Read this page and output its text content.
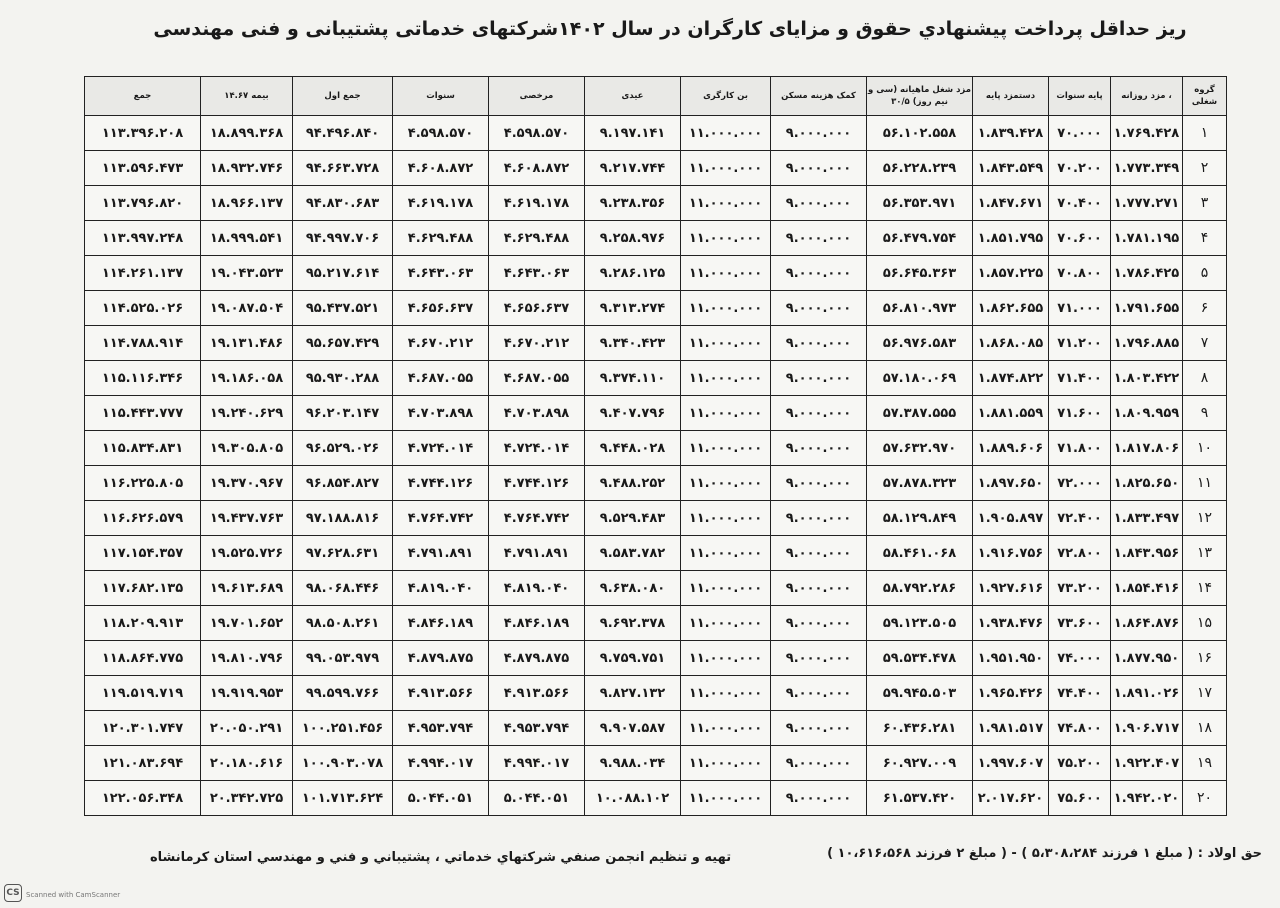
ریز حداقل پرداخت پیشنهادي حقوق و مزایای کارگران در سال ۱۴۰۲شرکتهای خدماتی پشتیبانی و فنی مهندسی
گروه شغلی	، مزد روزانه	پایه سنوات	دستمزد پایه	مزد شغل ماهیانه (سی و نیم روز) ۳۰/۵	کمک هزینه مسکن	بن کارگری	عیدی	مرخصی	سنوات	جمع اول	بیمه ۱۴.۶۷	جمع
۱	۱.۷۶۹.۴۲۸	۷۰.۰۰۰	۱.۸۳۹.۴۲۸	۵۶.۱۰۲.۵۵۸	۹.۰۰۰.۰۰۰	۱۱.۰۰۰.۰۰۰	۹.۱۹۷.۱۴۱	۴.۵۹۸.۵۷۰	۴.۵۹۸.۵۷۰	۹۴.۴۹۶.۸۴۰	۱۸.۸۹۹.۳۶۸	۱۱۳.۳۹۶.۲۰۸
۲	۱.۷۷۳.۳۴۹	۷۰.۲۰۰	۱.۸۴۳.۵۴۹	۵۶.۲۲۸.۲۳۹	۹.۰۰۰.۰۰۰	۱۱.۰۰۰.۰۰۰	۹.۲۱۷.۷۴۴	۴.۶۰۸.۸۷۲	۴.۶۰۸.۸۷۲	۹۴.۶۶۳.۷۲۸	۱۸.۹۳۲.۷۴۶	۱۱۳.۵۹۶.۴۷۳
۳	۱.۷۷۷.۲۷۱	۷۰.۴۰۰	۱.۸۴۷.۶۷۱	۵۶.۳۵۳.۹۷۱	۹.۰۰۰.۰۰۰	۱۱.۰۰۰.۰۰۰	۹.۲۳۸.۳۵۶	۴.۶۱۹.۱۷۸	۴.۶۱۹.۱۷۸	۹۴.۸۳۰.۶۸۳	۱۸.۹۶۶.۱۳۷	۱۱۳.۷۹۶.۸۲۰
۴	۱.۷۸۱.۱۹۵	۷۰.۶۰۰	۱.۸۵۱.۷۹۵	۵۶.۴۷۹.۷۵۴	۹.۰۰۰.۰۰۰	۱۱.۰۰۰.۰۰۰	۹.۲۵۸.۹۷۶	۴.۶۲۹.۴۸۸	۴.۶۲۹.۴۸۸	۹۴.۹۹۷.۷۰۶	۱۸.۹۹۹.۵۴۱	۱۱۳.۹۹۷.۲۴۸
۵	۱.۷۸۶.۴۲۵	۷۰.۸۰۰	۱.۸۵۷.۲۲۵	۵۶.۶۴۵.۳۶۳	۹.۰۰۰.۰۰۰	۱۱.۰۰۰.۰۰۰	۹.۲۸۶.۱۲۵	۴.۶۴۳.۰۶۳	۴.۶۴۳.۰۶۳	۹۵.۲۱۷.۶۱۴	۱۹.۰۴۳.۵۲۳	۱۱۴.۲۶۱.۱۳۷
۶	۱.۷۹۱.۶۵۵	۷۱.۰۰۰	۱.۸۶۲.۶۵۵	۵۶.۸۱۰.۹۷۳	۹.۰۰۰.۰۰۰	۱۱.۰۰۰.۰۰۰	۹.۳۱۳.۲۷۴	۴.۶۵۶.۶۳۷	۴.۶۵۶.۶۳۷	۹۵.۴۳۷.۵۲۱	۱۹.۰۸۷.۵۰۴	۱۱۴.۵۲۵.۰۲۶
۷	۱.۷۹۶.۸۸۵	۷۱.۲۰۰	۱.۸۶۸.۰۸۵	۵۶.۹۷۶.۵۸۳	۹.۰۰۰.۰۰۰	۱۱.۰۰۰.۰۰۰	۹.۳۴۰.۴۲۳	۴.۶۷۰.۲۱۲	۴.۶۷۰.۲۱۲	۹۵.۶۵۷.۴۲۹	۱۹.۱۳۱.۴۸۶	۱۱۴.۷۸۸.۹۱۴
۸	۱.۸۰۳.۴۲۲	۷۱.۴۰۰	۱.۸۷۴.۸۲۲	۵۷.۱۸۰.۰۶۹	۹.۰۰۰.۰۰۰	۱۱.۰۰۰.۰۰۰	۹.۳۷۴.۱۱۰	۴.۶۸۷.۰۵۵	۴.۶۸۷.۰۵۵	۹۵.۹۳۰.۲۸۸	۱۹.۱۸۶.۰۵۸	۱۱۵.۱۱۶.۳۴۶
۹	۱.۸۰۹.۹۵۹	۷۱.۶۰۰	۱.۸۸۱.۵۵۹	۵۷.۳۸۷.۵۵۵	۹.۰۰۰.۰۰۰	۱۱.۰۰۰.۰۰۰	۹.۴۰۷.۷۹۶	۴.۷۰۳.۸۹۸	۴.۷۰۳.۸۹۸	۹۶.۲۰۳.۱۴۷	۱۹.۲۴۰.۶۲۹	۱۱۵.۴۴۳.۷۷۷
۱۰	۱.۸۱۷.۸۰۶	۷۱.۸۰۰	۱.۸۸۹.۶۰۶	۵۷.۶۳۲.۹۷۰	۹.۰۰۰.۰۰۰	۱۱.۰۰۰.۰۰۰	۹.۴۴۸.۰۲۸	۴.۷۲۴.۰۱۴	۴.۷۲۴.۰۱۴	۹۶.۵۲۹.۰۲۶	۱۹.۳۰۵.۸۰۵	۱۱۵.۸۳۴.۸۳۱
۱۱	۱.۸۲۵.۶۵۰	۷۲.۰۰۰	۱.۸۹۷.۶۵۰	۵۷.۸۷۸.۳۲۳	۹.۰۰۰.۰۰۰	۱۱.۰۰۰.۰۰۰	۹.۴۸۸.۲۵۲	۴.۷۴۴.۱۲۶	۴.۷۴۴.۱۲۶	۹۶.۸۵۴.۸۲۷	۱۹.۳۷۰.۹۶۷	۱۱۶.۲۲۵.۸۰۵
۱۲	۱.۸۳۳.۴۹۷	۷۲.۴۰۰	۱.۹۰۵.۸۹۷	۵۸.۱۲۹.۸۴۹	۹.۰۰۰.۰۰۰	۱۱.۰۰۰.۰۰۰	۹.۵۲۹.۴۸۳	۴.۷۶۴.۷۴۲	۴.۷۶۴.۷۴۲	۹۷.۱۸۸.۸۱۶	۱۹.۴۳۷.۷۶۳	۱۱۶.۶۲۶.۵۷۹
۱۳	۱.۸۴۳.۹۵۶	۷۲.۸۰۰	۱.۹۱۶.۷۵۶	۵۸.۴۶۱.۰۶۸	۹.۰۰۰.۰۰۰	۱۱.۰۰۰.۰۰۰	۹.۵۸۳.۷۸۲	۴.۷۹۱.۸۹۱	۴.۷۹۱.۸۹۱	۹۷.۶۲۸.۶۳۱	۱۹.۵۲۵.۷۲۶	۱۱۷.۱۵۴.۳۵۷
۱۴	۱.۸۵۴.۴۱۶	۷۳.۲۰۰	۱.۹۲۷.۶۱۶	۵۸.۷۹۲.۲۸۶	۹.۰۰۰.۰۰۰	۱۱.۰۰۰.۰۰۰	۹.۶۳۸.۰۸۰	۴.۸۱۹.۰۴۰	۴.۸۱۹.۰۴۰	۹۸.۰۶۸.۴۴۶	۱۹.۶۱۳.۶۸۹	۱۱۷.۶۸۲.۱۳۵
۱۵	۱.۸۶۴.۸۷۶	۷۳.۶۰۰	۱.۹۳۸.۴۷۶	۵۹.۱۲۳.۵۰۵	۹.۰۰۰.۰۰۰	۱۱.۰۰۰.۰۰۰	۹.۶۹۲.۳۷۸	۴.۸۴۶.۱۸۹	۴.۸۴۶.۱۸۹	۹۸.۵۰۸.۲۶۱	۱۹.۷۰۱.۶۵۲	۱۱۸.۲۰۹.۹۱۳
۱۶	۱.۸۷۷.۹۵۰	۷۴.۰۰۰	۱.۹۵۱.۹۵۰	۵۹.۵۳۴.۴۷۸	۹.۰۰۰.۰۰۰	۱۱.۰۰۰.۰۰۰	۹.۷۵۹.۷۵۱	۴.۸۷۹.۸۷۵	۴.۸۷۹.۸۷۵	۹۹.۰۵۳.۹۷۹	۱۹.۸۱۰.۷۹۶	۱۱۸.۸۶۴.۷۷۵
۱۷	۱.۸۹۱.۰۲۶	۷۴.۴۰۰	۱.۹۶۵.۴۲۶	۵۹.۹۴۵.۵۰۳	۹.۰۰۰.۰۰۰	۱۱.۰۰۰.۰۰۰	۹.۸۲۷.۱۳۲	۴.۹۱۳.۵۶۶	۴.۹۱۳.۵۶۶	۹۹.۵۹۹.۷۶۶	۱۹.۹۱۹.۹۵۳	۱۱۹.۵۱۹.۷۱۹
۱۸	۱.۹۰۶.۷۱۷	۷۴.۸۰۰	۱.۹۸۱.۵۱۷	۶۰.۴۳۶.۲۸۱	۹.۰۰۰.۰۰۰	۱۱.۰۰۰.۰۰۰	۹.۹۰۷.۵۸۷	۴.۹۵۳.۷۹۴	۴.۹۵۳.۷۹۴	۱۰۰.۲۵۱.۴۵۶	۲۰.۰۵۰.۲۹۱	۱۲۰.۳۰۱.۷۴۷
۱۹	۱.۹۲۲.۴۰۷	۷۵.۲۰۰	۱.۹۹۷.۶۰۷	۶۰.۹۲۷.۰۰۹	۹.۰۰۰.۰۰۰	۱۱.۰۰۰.۰۰۰	۹.۹۸۸.۰۳۴	۴.۹۹۴.۰۱۷	۴.۹۹۴.۰۱۷	۱۰۰.۹۰۳.۰۷۸	۲۰.۱۸۰.۶۱۶	۱۲۱.۰۸۳.۶۹۴
۲۰	۱.۹۴۲.۰۲۰	۷۵.۶۰۰	۲.۰۱۷.۶۲۰	۶۱.۵۳۷.۴۲۰	۹.۰۰۰.۰۰۰	۱۱.۰۰۰.۰۰۰	۱۰.۰۸۸.۱۰۲	۵.۰۴۴.۰۵۱	۵.۰۴۴.۰۵۱	۱۰۱.۷۱۳.۶۲۴	۲۰.۳۴۲.۷۲۵	۱۲۲.۰۵۶.۳۴۸
حق اولاد : ( مبلغ ۱ فرزند ۵،۳۰۸،۲۸۴ ) - ( مبلغ ۲ فرزند ۱۰،۶۱۶،۵۶۸ )
تهیه و تنظیم انجمن صنفي شرکتهاي خدماتي ، پشتیباني و فني و مهندسي استان کرمانشاه
CS Scanned with CamScanner
